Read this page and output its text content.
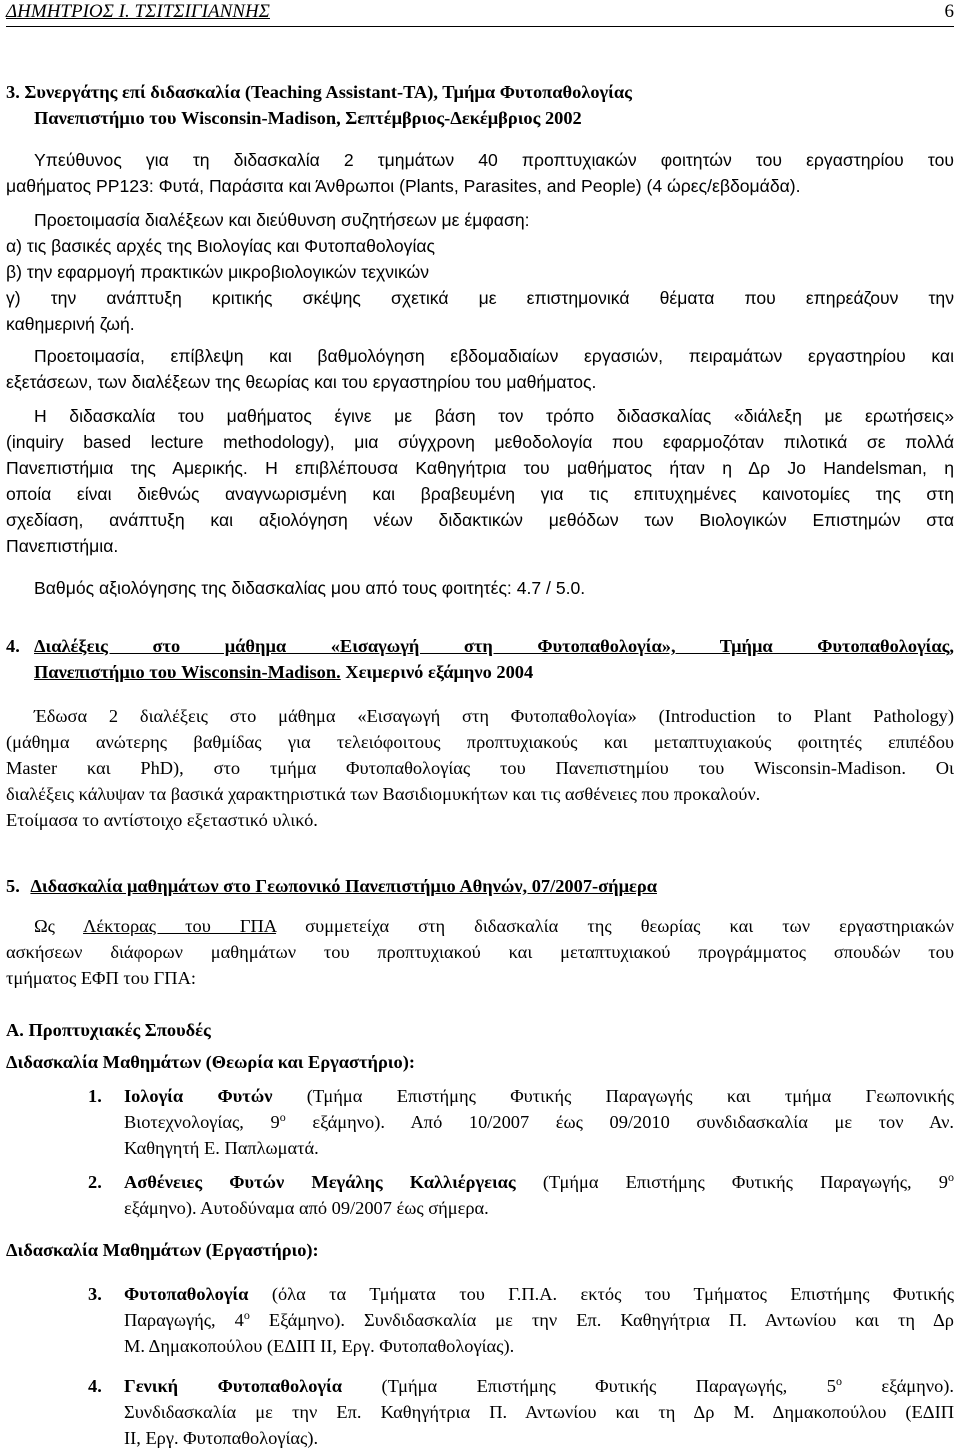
ΔΗΜΗΤΡΙΟΣ Ι. ΤΣΙΤΣΙΓΙΑΝΝΗΣ	6
3. Συνεργάτης επί διδασκαλία (Teaching Assistant-TA), Τμήμα Φυτοπαθολογίας
Πανεπιστήμιο του Wisconsin-Madison, Σεπτέμβριος-Δεκέμβριος 2002
Υπεύθυνος για τη διδασκαλία 2 τμημάτων 40 προπτυχιακών φοιτητών του εργαστηρίου του
μαθήματος PP123: Φυτά, Παράσιτα και Άνθρωποι (Plants, Parasites, and People) (4 ώρες/εβδομάδα).
Προετοιμασία διαλέξεων και διεύθυνση συζητήσεων με έμφαση:
α) τις βασικές αρχές της Βιολογίας και Φυτοπαθολογίας
β) την εφαρμογή πρακτικών μικροβιολογικών τεχνικών
γ) την ανάπτυξη κριτικής σκέψης σχετικά με επιστημονικά θέματα που επηρεάζουν την
καθημερινή ζωή.
Προετοιμασία, επίβλεψη και βαθμολόγηση εβδομαδιαίων εργασιών, πειραμάτων εργαστηρίου και
εξετάσεων, των διαλέξεων της θεωρίας και του εργαστηρίου του μαθήματος.
Η διδασκαλία του μαθήματος έγινε με βάση τον τρόπο διδασκαλίας «διάλεξη με ερωτήσεις»
(inquiry based lecture methodology), μια σύγχρονη μεθοδολογία που εφαρμοζόταν πιλοτικά σε πολλά
Πανεπιστήμια της Αμερικής. Η επιβλέπουσα Καθηγήτρια του μαθήματος ήταν η Δρ Jo Handelsman, η
οποία είναι διεθνώς αναγνωρισμένη και βραβευμένη για τις επιτυχημένες καινοτομίες της στη
σχεδίαση, ανάπτυξη και αξιολόγηση νέων διδακτικών μεθόδων των Βιολογικών Επιστημών στα
Πανεπιστήμια.
Βαθμός αξιολόγησης της διδασκαλίας μου από τους φοιτητές: 4.7 / 5.0.
4. Διαλέξεις στο μάθημα «Εισαγωγή στη Φυτοπαθολογία», Τμήμα Φυτοπαθολογίας,
Πανεπιστήμιο του Wisconsin-Madison. Χειμερινό εξάμηνο 2004
Έδωσα 2 διαλέξεις στο μάθημα «Εισαγωγή στη Φυτοπαθολογία» (Introduction to Plant Pathology)
(μάθημα ανώτερης βαθμίδας για τελειόφοιτους προπτυχιακούς και μεταπτυχιακούς φοιτητές επιπέδου
Master και PhD), στο τμήμα Φυτοπαθολογίας του Πανεπιστημίου του Wisconsin-Madison. Οι
διαλέξεις κάλυψαν τα βασικά χαρακτηριστικά των Βασιδιομυκήτων και τις ασθένειες που προκαλούν.
Ετοίμασα το αντίστοιχο εξεταστικό υλικό.
5. Διδασκαλία μαθημάτων στο Γεωπονικό Πανεπιστήμιο Αθηνών, 07/2007-σήμερα
Ως Λέκτορας του ΓΠΑ συμμετείχα στη διδασκαλία της θεωρίας και των εργαστηριακών
ασκήσεων διάφορων μαθημάτων του προπτυχιακού και μεταπτυχιακού προγράμματος σπουδών του
τμήματος ΕΦΠ του ΓΠΑ:
Α. Προπτυχιακές Σπουδές
Διδασκαλία Μαθημάτων (Θεωρία και Εργαστήριο):
1. Ιολογία Φυτών (Τμήμα Επιστήμης Φυτικής Παραγωγής και τμήμα Γεωπονικής
Βιοτεχνολογίας, $9^o$ εξάμηνο). Από 10/2007 έως 09/2010 συνδιδασκαλία με τον Αν.
Καθηγητή Ε. Παπλωματά.
2. Ασθένειες Φυτών Μεγάλης Καλλιέργειας (Τμήμα Επιστήμης Φυτικής Παραγωγής, $9^o$
εξάμηνο). Αυτοδύναμα από 09/2007 έως σήμερα.
Διδασκαλία Μαθημάτων (Εργαστήριο):
3. Φυτοπαθολογία (όλα τα Τμήματα του Γ.Π.Α. εκτός του Τμήματος Επιστήμης Φυτικής
Παραγωγής, $4^o$ Εξάμηνο). Συνδιδασκαλία με την Επ. Καθηγήτρια Π. Αντωνίου και τη Δρ
Μ. Δημακοπούλου (ΕΔΙΠ ΙΙ, Εργ. Φυτοπαθολογίας).
4. Γενική Φυτοπαθολογία (Τμήμα Επιστήμης Φυτικής Παραγωγής, $5^o$ εξάμηνο).
Συνδιδασκαλία με την Επ. Καθηγήτρια Π. Αντωνίου και τη Δρ Μ. Δημακοπούλου (ΕΔΙΠ
ΙΙ, Εργ. Φυτοπαθολογίας).
